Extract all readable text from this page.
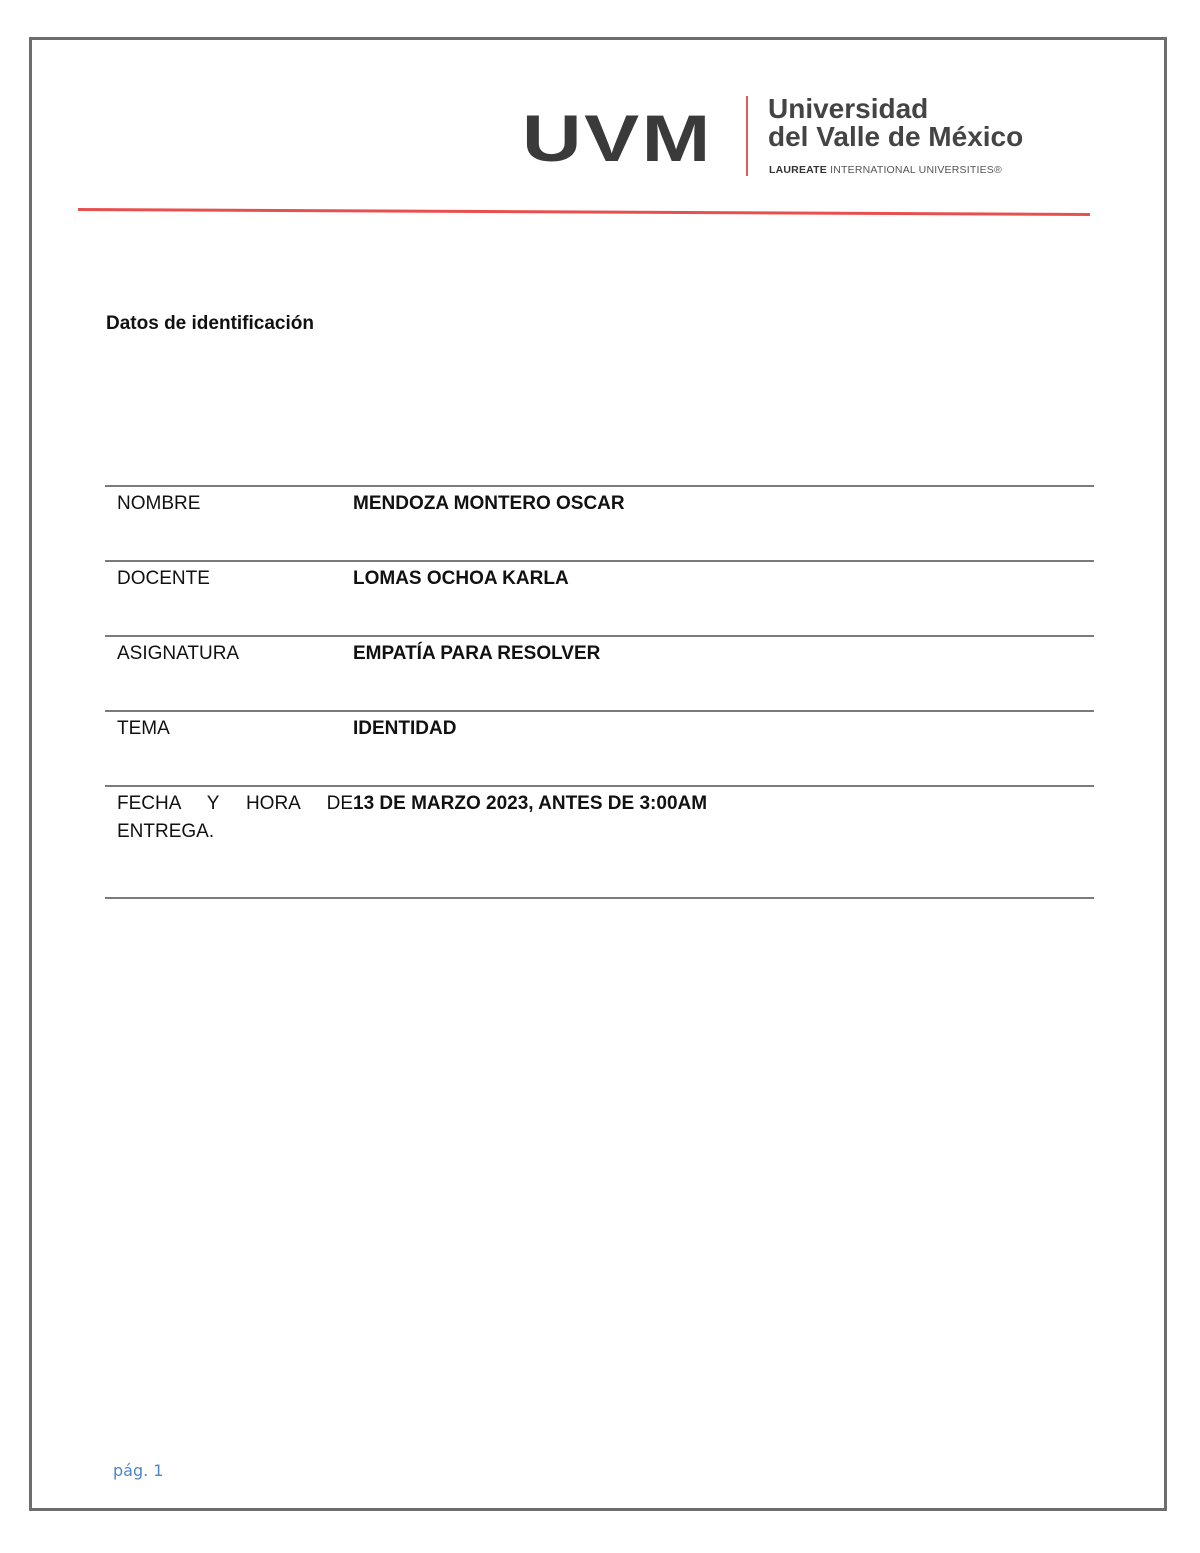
UVM Universidad
del Valle de México
LAUREATE INTERNATIONAL UNIVERSITIES®
Datos de identificación
NOMBRE	MENDOZA MONTERO OSCAR
DOCENTE	LOMAS OCHOA KARLA
ASIGNATURA	EMPATÍA PARA RESOLVER
TEMA	IDENTIDAD
FECHA Y HORA DE ENTREGA.	13 DE MARZO 2023, ANTES DE 3:00AM
pág. 1
